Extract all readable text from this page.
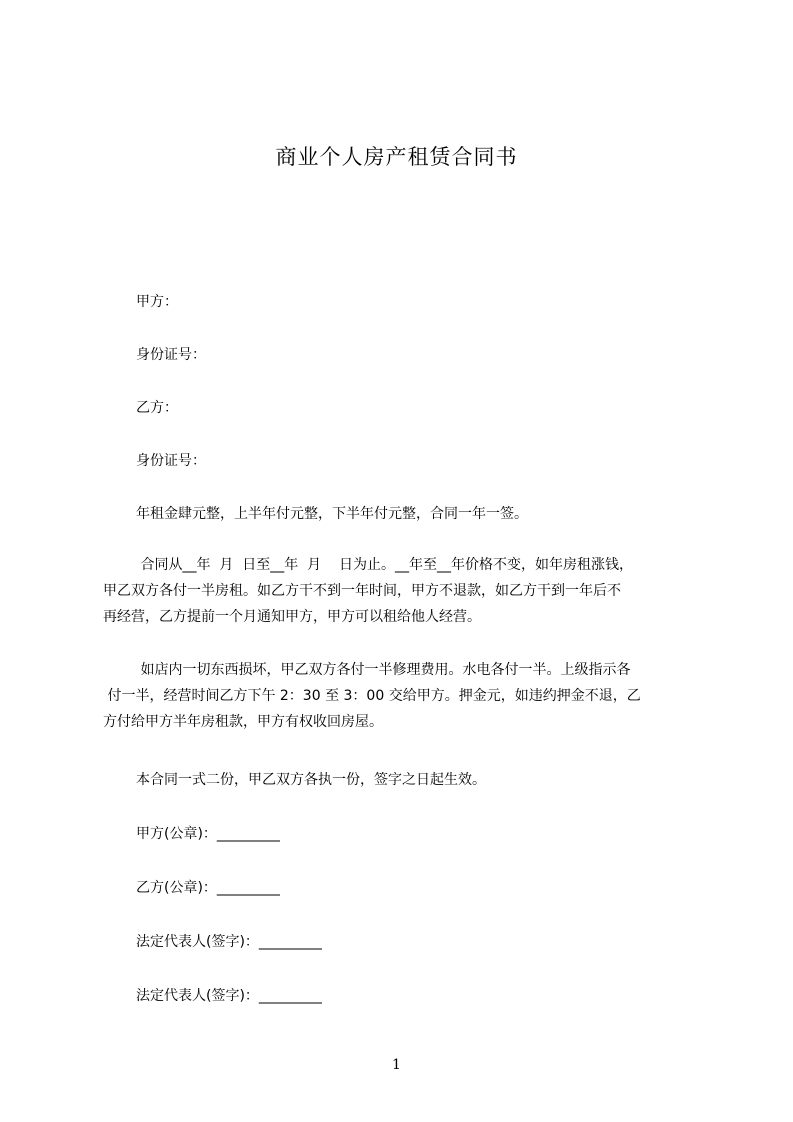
商业个人房产租赁合同书
甲方：
身份证号：
乙方：
身份证号：
年租金肆元整，上半年付元整，下半年付元整，合同一年一签。
合同从__年  月  日至__年  月    日为止。__年至__年价格不变，如年房租涨钱，
甲乙双方各付一半房租。如乙方干不到一年时间，甲方不退款，如乙方干到一年后不
再经营，乙方提前一个月通知甲方，甲方可以租给他人经营。
如店内一切东西损坏，甲乙双方各付一半修理费用。水电各付一半。上级指示各
付一半，经营时间乙方下午 2：30 至 3：00 交给甲方。押金元，如违约押金不退，乙
方付给甲方半年房租款，甲方有权收回房屋。
本合同一式二份，甲乙双方各执一份，签字之日起生效。
甲方(公章)：_________
乙方(公章)：_________
法定代表人(签字)：_________
法定代表人(签字)：_________
1
